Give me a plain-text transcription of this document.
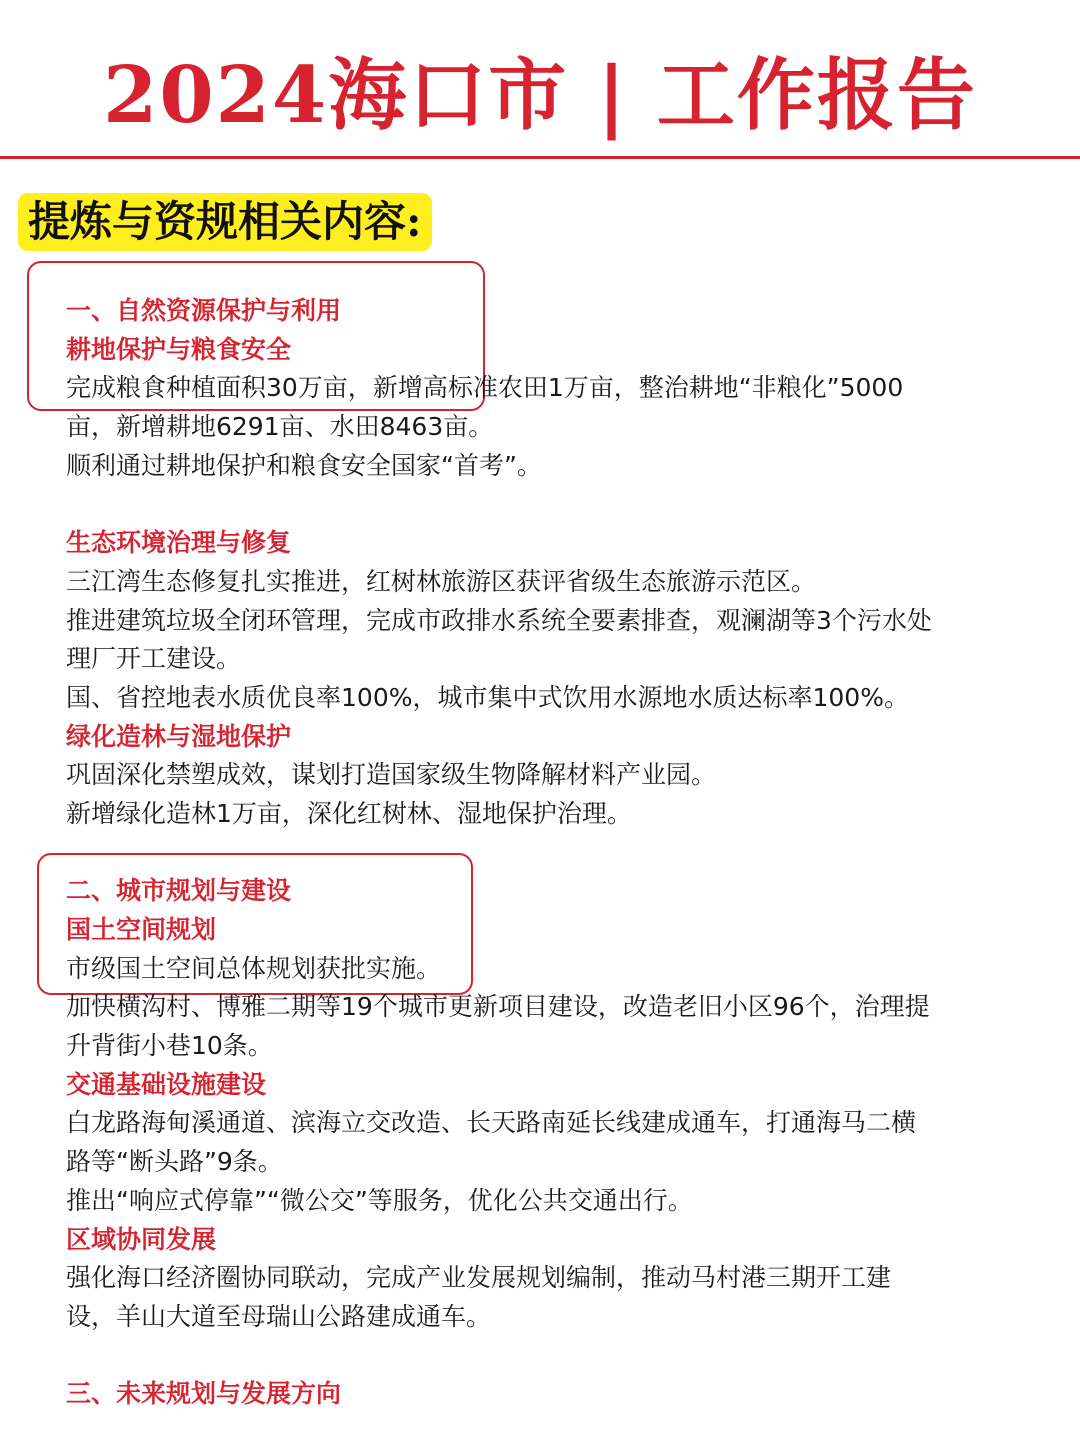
2024海口市 | 工作报告
提炼与资规相关内容:
一、自然资源保护与利用
耕地保护与粮食安全
完成粮食种植面积30万亩，新增高标准农田1万亩，整治耕地“非粮化”5000
亩，新增耕地6291亩、水田8463亩。
顺利通过耕地保护和粮食安全国家“首考”。
生态环境治理与修复
三江湾生态修复扎实推进，红树林旅游区获评省级生态旅游示范区。
推进建筑垃圾全闭环管理，完成市政排水系统全要素排查，观澜湖等3个污水处
理厂开工建设。
国、省控地表水质优良率100%，城市集中式饮用水源地水质达标率100%。
绿化造林与湿地保护
巩固深化禁塑成效，谋划打造国家级生物降解材料产业园。
新增绿化造林1万亩，深化红树林、湿地保护治理。
二、城市规划与建设
国土空间规划
市级国土空间总体规划获批实施。
加快横沟村、博雅二期等19个城市更新项目建设，改造老旧小区96个，治理提
升背街小巷10条。
交通基础设施建设
白龙路海甸溪通道、滨海立交改造、长天路南延长线建成通车，打通海马二横
路等“断头路”9条。
推出“响应式停靠”“微公交”等服务，优化公共交通出行。
区域协同发展
强化海口经济圈协同联动，完成产业发展规划编制，推动马村港三期开工建
设，羊山大道至母瑞山公路建成通车。
三、未来规划与发展方向
